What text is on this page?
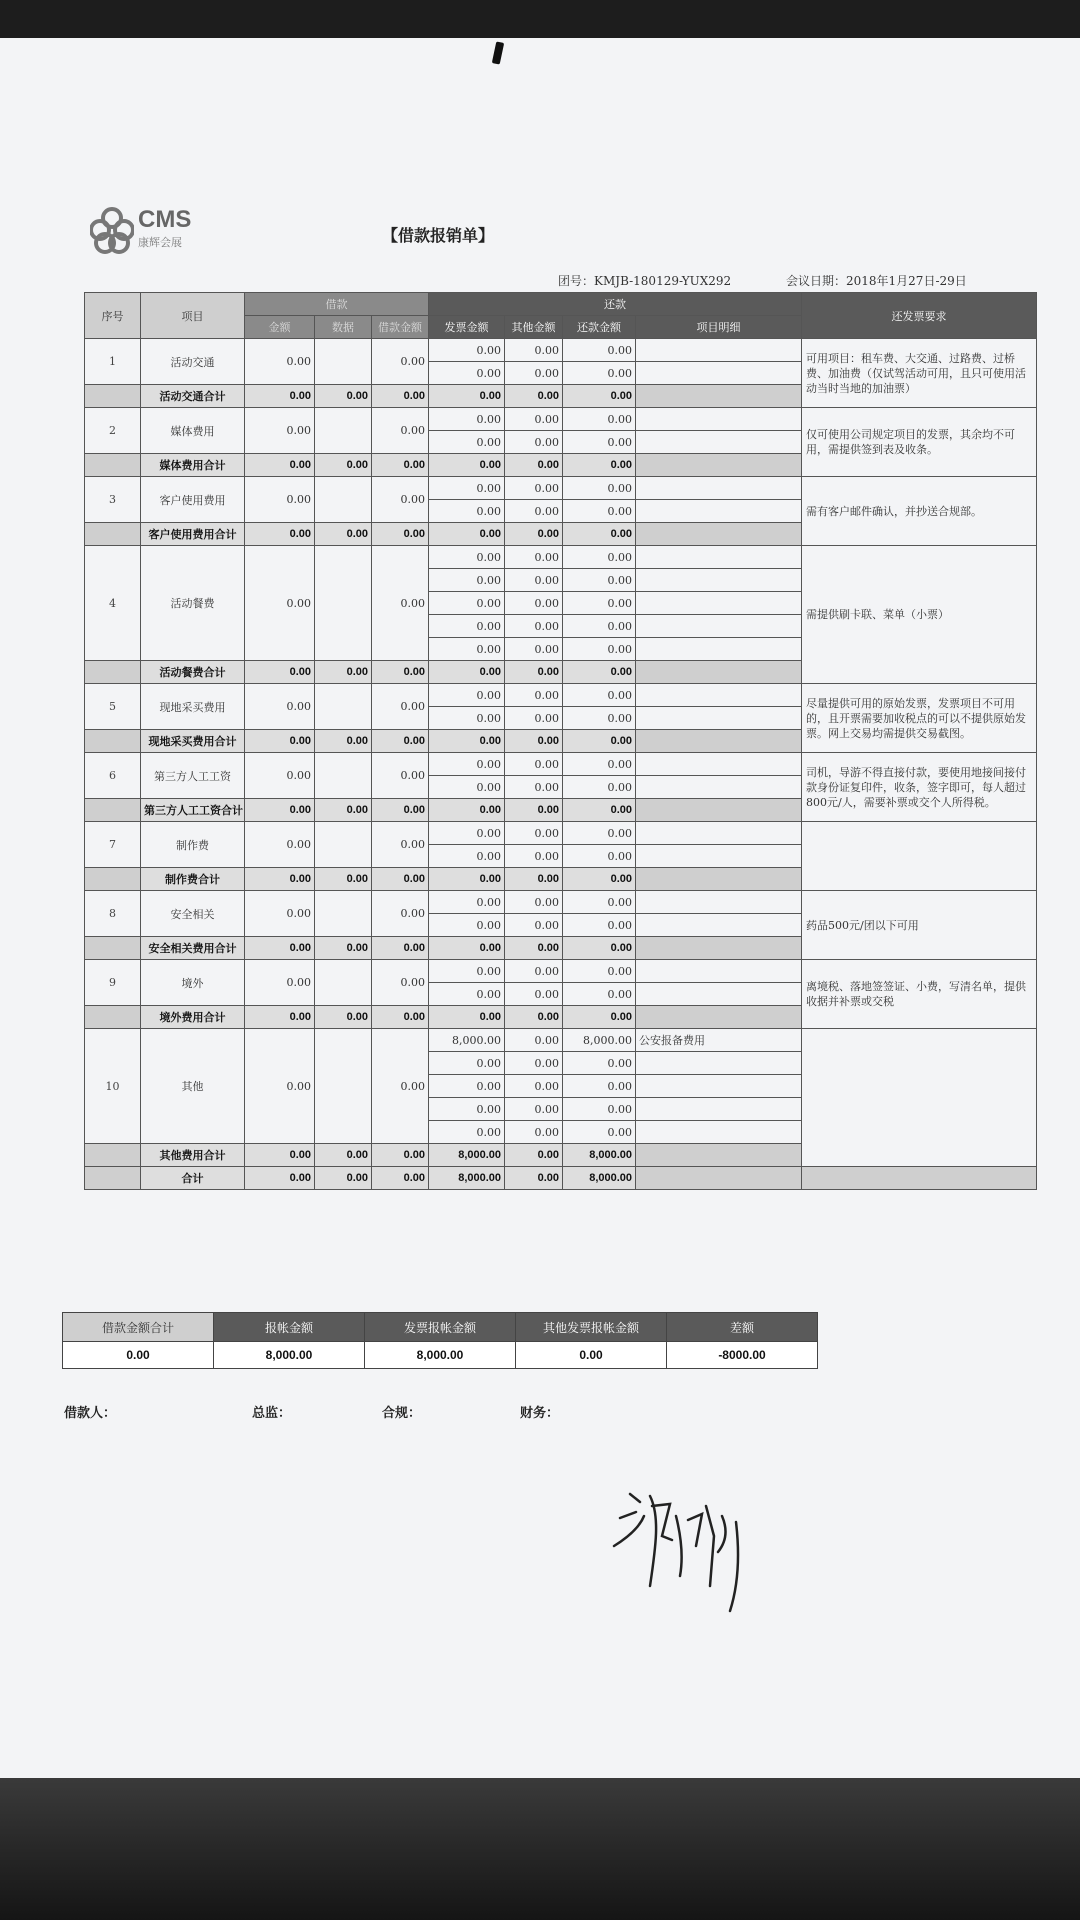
CMS
康辉会展	【借款报销单】
团号：KMJB-180129-YUX292	会议日期：2018年1月27日-29日
序号	项目	借款			还款				还发票要求
		金额	数据	借款金额	发票金额	其他金额	还款金额	项目明细	
1	活动交通	0.00		0.00	0.00	0.00	0.00		可用项目：租车费、大交通、过路费、过桥费、加油费（仅试驾活动可用，且只可使用活动当时当地的加油票）
					0.00	0.00	0.00		
	活动交通合计	0.00	0.00	0.00	0.00	0.00	0.00		
2	媒体费用	0.00		0.00	0.00	0.00	0.00		仅可使用公司规定项目的发票，其余均不可用，需提供签到表及收条。
					0.00	0.00	0.00		
	媒体费用合计	0.00	0.00	0.00	0.00	0.00	0.00		
3	客户使用费用	0.00		0.00	0.00	0.00	0.00		需有客户邮件确认，并抄送合规部。
					0.00	0.00	0.00		
	客户使用费用合计	0.00	0.00	0.00	0.00	0.00	0.00		
4	活动餐费	0.00		0.00	0.00	0.00	0.00		需提供刷卡联、菜单（小票）
					0.00	0.00	0.00		
					0.00	0.00	0.00		
					0.00	0.00	0.00		
					0.00	0.00	0.00		
	活动餐费合计	0.00	0.00	0.00	0.00	0.00	0.00		
5	现地采买费用	0.00		0.00	0.00	0.00	0.00		尽量提供可用的原始发票，发票项目不可用的，且开票需要加收税点的可以不提供原始发票。网上交易均需提供交易截图。
					0.00	0.00	0.00		
	现地采买费用合计	0.00	0.00	0.00	0.00	0.00	0.00		
6	第三方人工工资	0.00		0.00	0.00	0.00	0.00		司机，导游不得直接付款，要使用地接间接付款身份证复印件，收条，签字即可，每人超过800元/人，需要补票或交个人所得税。
					0.00	0.00	0.00		
	第三方人工工资合计	0.00	0.00	0.00	0.00	0.00	0.00		
7	制作费	0.00		0.00	0.00	0.00	0.00		
					0.00	0.00	0.00		
	制作费合计	0.00	0.00	0.00	0.00	0.00	0.00		
8	安全相关	0.00		0.00	0.00	0.00	0.00		药品500元/团以下可用
					0.00	0.00	0.00		
	安全相关费用合计	0.00	0.00	0.00	0.00	0.00	0.00		
9	境外	0.00		0.00	0.00	0.00	0.00		离境税、落地签签证、小费，写清名单，提供收据并补票或交税
					0.00	0.00	0.00		
	境外费用合计	0.00	0.00	0.00	0.00	0.00	0.00		
10	其他	0.00		0.00	8,000.00	0.00	8,000.00	公安报备费用	
					0.00	0.00	0.00		
					0.00	0.00	0.00		
					0.00	0.00	0.00		
					0.00	0.00	0.00		
	其他费用合计	0.00	0.00	0.00	8,000.00	0.00	8,000.00		
	合计	0.00	0.00	0.00	8,000.00	0.00	8,000.00		
借款金额合计	报帐金额	发票报帐金额	其他发票报帐金额	差额
0.00	8,000.00	8,000.00	0.00	-8000.00
借款人：	总监：	合规：	财务：
